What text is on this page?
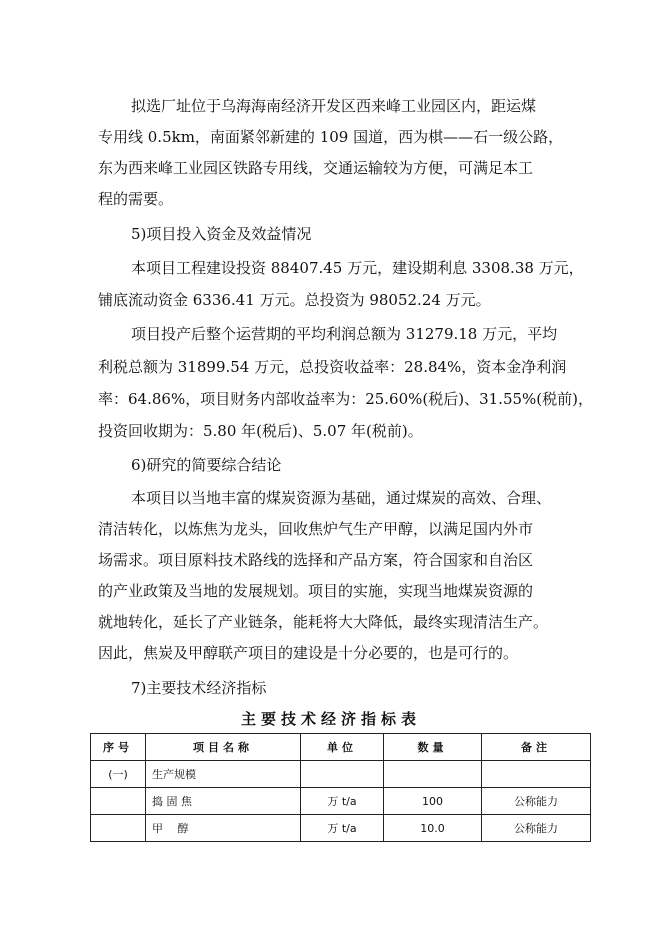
拟选厂址位于乌海海南经济开发区西来峰工业园区内，距运煤

专用线 0.5km，南面紧邻新建的 109 国道，西为棋——石一级公路，

东为西来峰工业园区铁路专用线，交通运输较为方便，可满足本工

程的需要。

5)项目投入资金及效益情况

本项目工程建设投资 88407.45 万元，建设期利息 3308.38 万元，

铺底流动资金 6336.41 万元。总投资为 98052.24 万元。

项目投产后整个运营期的平均利润总额为 31279.18 万元，平均

利税总额为 31899.54 万元，总投资收益率：28.84%，资本金净利润

率：64.86%，项目财务内部收益率为：25.60%(税后)、31.55%(税前)，

投资回收期为：5.80 年(税后)、5.07 年(税前)。

6)研究的简要综合结论

本项目以当地丰富的煤炭资源为基础，通过煤炭的高效、合理、

清洁转化，以炼焦为龙头，回收焦炉气生产甲醇，以满足国内外市

场需求。项目原料技术路线的选择和产品方案，符合国家和自治区

的产业政策及当地的发展规划。项目的实施，实现当地煤炭资源的

就地转化，延长了产业链条，能耗将大大降低，最终实现清洁生产。

因此，焦炭及甲醇联产项目的建设是十分必要的，也是可行的。

7)主要技术经济指标

主要技术经济指标表

序号	项目名称	单位	数量	备注
(一)	生产规模			
	捣 固 焦	万 t/a	100	公称能力
	甲　 醇	万 t/a	10.0	公称能力
